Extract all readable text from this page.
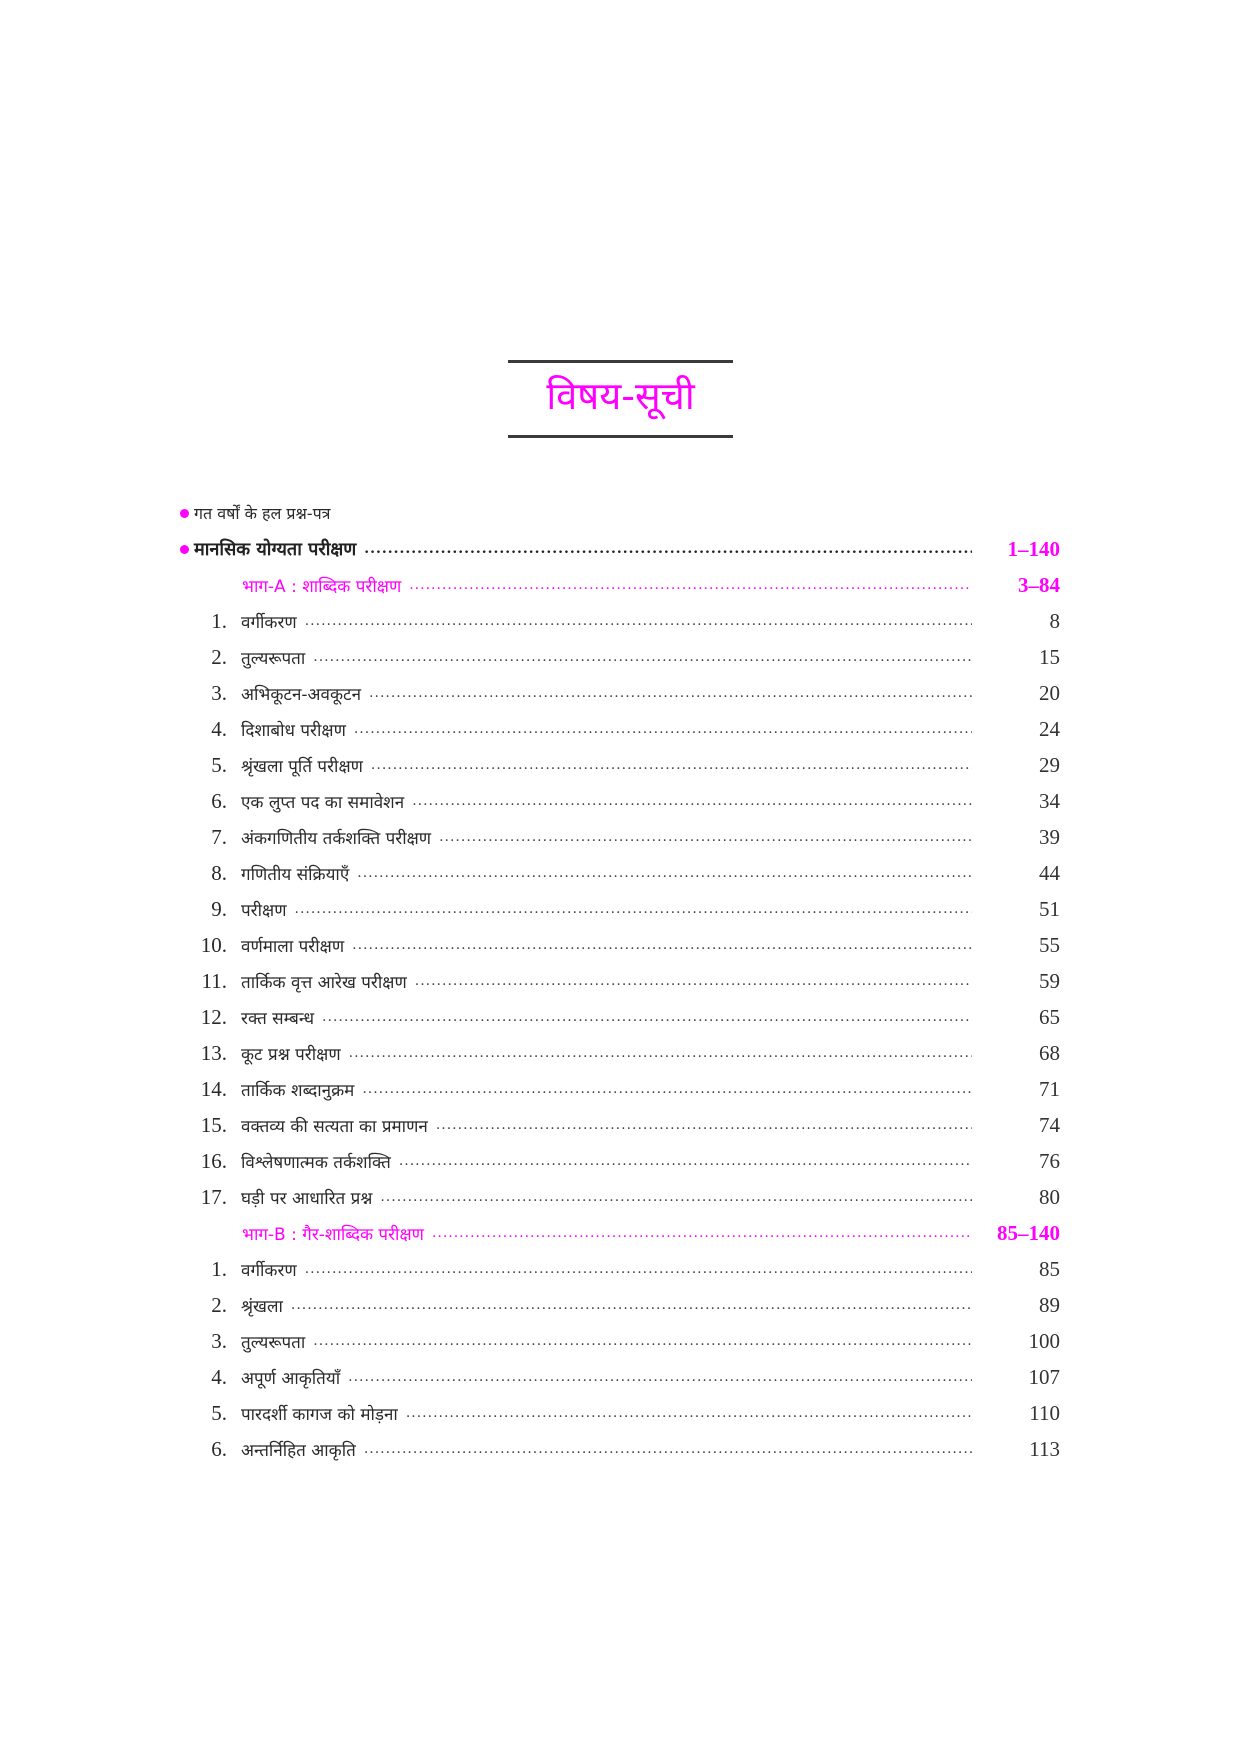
विषय-सूची
गत वर्षों के हल प्रश्न-पत्र
मानसिक योग्यता परीक्षण .....	1–140
भाग-A : शाब्दिक परीक्षण .....	3–84
1. वर्गीकरण .....	8
2. तुल्यरूपता .....	15
3. अभिकूटन-अवकूटन .....	20
4. दिशाबोध परीक्षण .....	24
5. श्रृंखला पूर्ति परीक्षण .....	29
6. एक लुप्त पद का समावेशन .....	34
7. अंकगणितीय तर्कशक्ति परीक्षण .....	39
8. गणितीय संक्रियाएँ .....	44
9. परीक्षण .....	51
10. वर्णमाला परीक्षण .....	55
11. तार्किक वृत्त आरेख परीक्षण .....	59
12. रक्त सम्बन्ध .....	65
13. कूट प्रश्न परीक्षण .....	68
14. तार्किक शब्दानुक्रम .....	71
15. वक्तव्य की सत्यता का प्रमाणन .....	74
16. विश्लेषणात्मक तर्कशक्ति .....	76
17. घड़ी पर आधारित प्रश्न .....	80
भाग-B : गैर-शाब्दिक परीक्षण .....	85–140
1. वर्गीकरण .....	85
2. श्रृंखला .....	89
3. तुल्यरूपता .....	100
4. अपूर्ण आकृतियाँ .....	107
5. पारदर्शी कागज को मोड़ना .....	110
6. अन्तर्निहित आकृति .....	113
